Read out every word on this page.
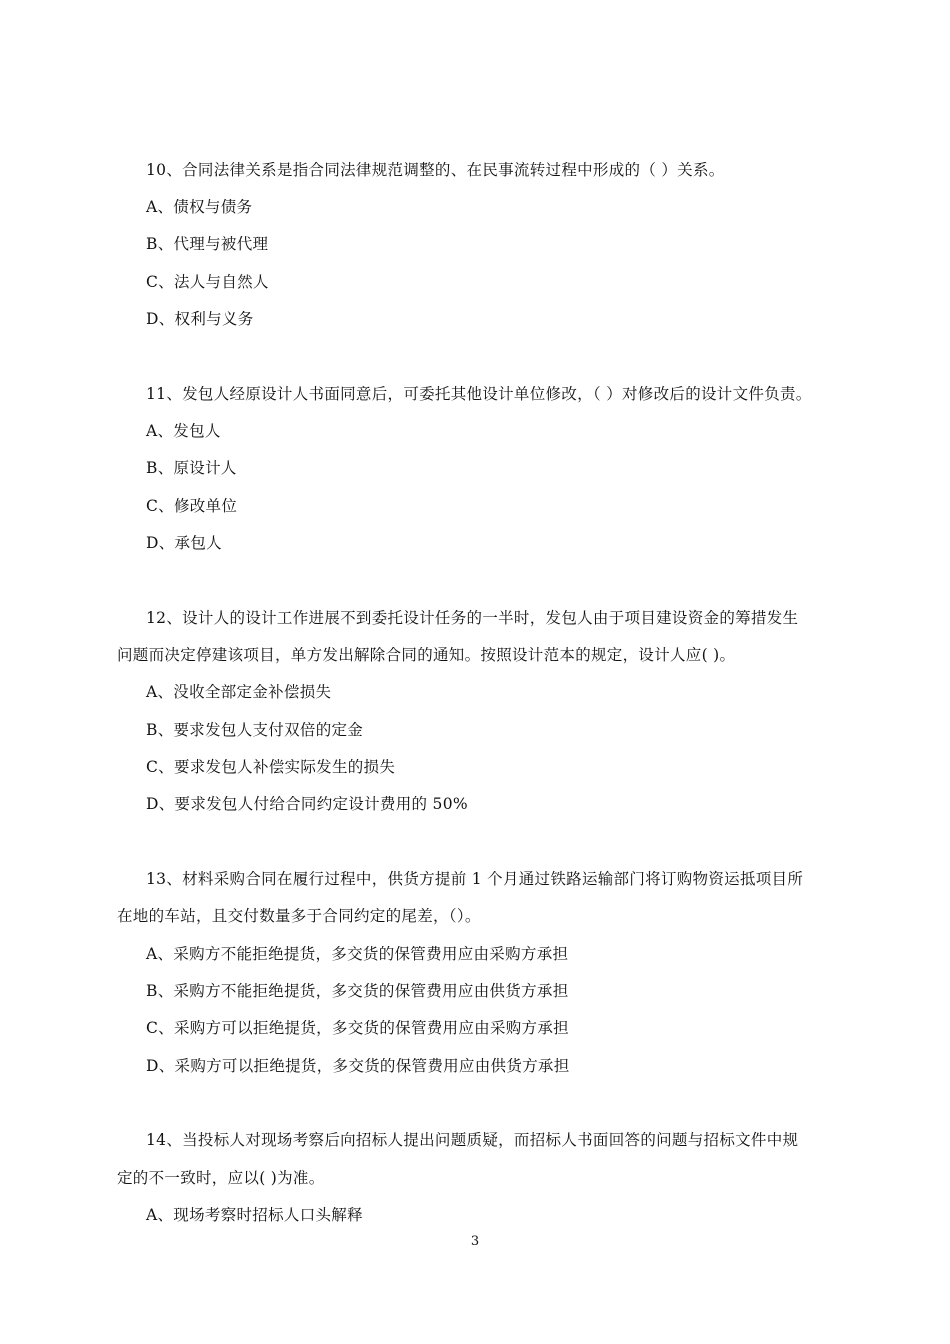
10、合同法律关系是指合同法律规范调整的、在民事流转过程中形成的（ ）关系。
A、债权与债务
B、代理与被代理
C、法人与自然人
D、权利与义务
11、发包人经原设计人书面同意后，可委托其他设计单位修改，（ ）对修改后的设计文件负责。
A、发包人
B、原设计人
C、修改单位
D、承包人
12、设计人的设计工作进展不到委托设计任务的一半时，发包人由于项目建设资金的筹措发生
问题而决定停建该项目，单方发出解除合同的通知。按照设计范本的规定，设计人应( )。
A、没收全部定金补偿损失
B、要求发包人支付双倍的定金
C、要求发包人补偿实际发生的损失
D、要求发包人付给合同约定设计费用的 50%
13、材料采购合同在履行过程中，供货方提前 1 个月通过铁路运输部门将订购物资运抵项目所
在地的车站，且交付数量多于合同约定的尾差，（）。
A、采购方不能拒绝提货，多交货的保管费用应由采购方承担
B、采购方不能拒绝提货，多交货的保管费用应由供货方承担
C、采购方可以拒绝提货，多交货的保管费用应由采购方承担
D、采购方可以拒绝提货，多交货的保管费用应由供货方承担
14、当投标人对现场考察后向招标人提出问题质疑，而招标人书面回答的问题与招标文件中规
定的不一致时，应以( )为准。
A、现场考察时招标人口头解释
3
